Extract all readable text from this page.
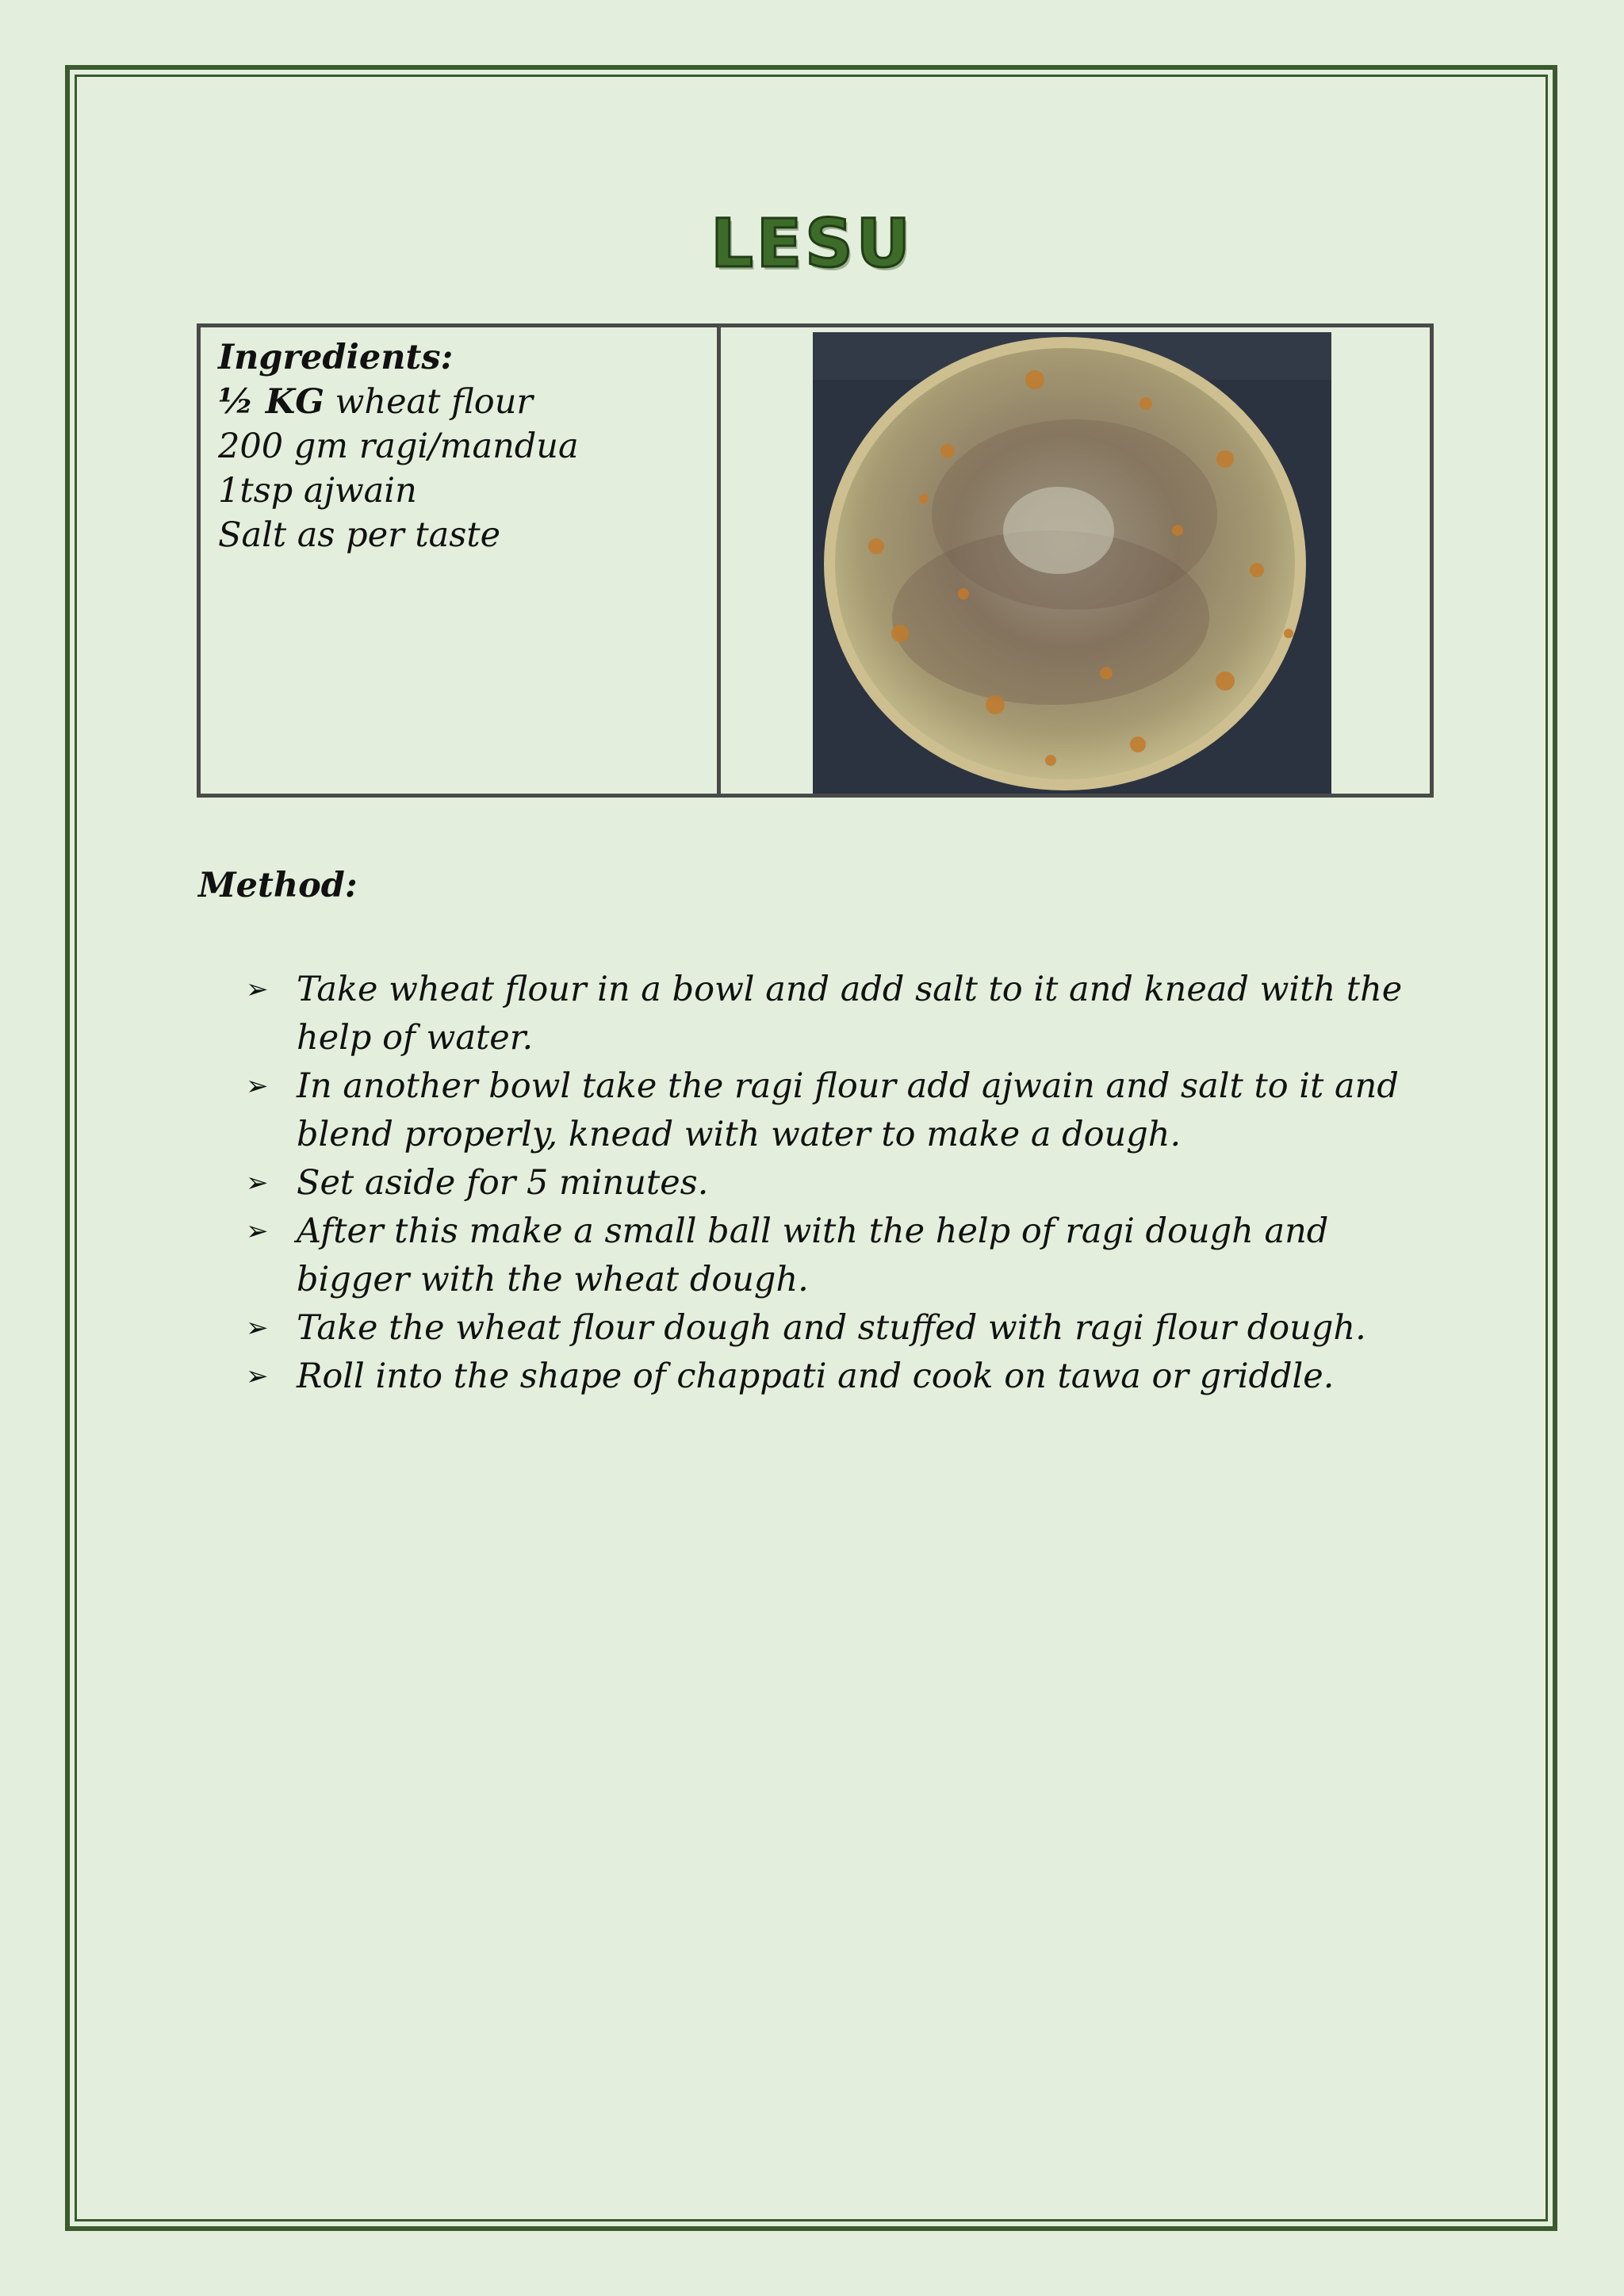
LESU
Ingredients:
½ KG wheat flour
200 gm ragi/mandua
1tsp ajwain
Salt as per taste
Method:
➢ Take wheat flour in a bowl and add salt to it and knead with the help of water.
➢ In another bowl take the ragi flour add ajwain and salt to it and blend properly, knead with water to make a dough.
➢ Set aside for 5 minutes.
➢ After this make a small ball with the help of ragi dough and bigger with the wheat dough.
➢ Take the wheat flour dough and stuffed with ragi flour dough.
➢ Roll into the shape of chappati and cook on tawa or griddle.
